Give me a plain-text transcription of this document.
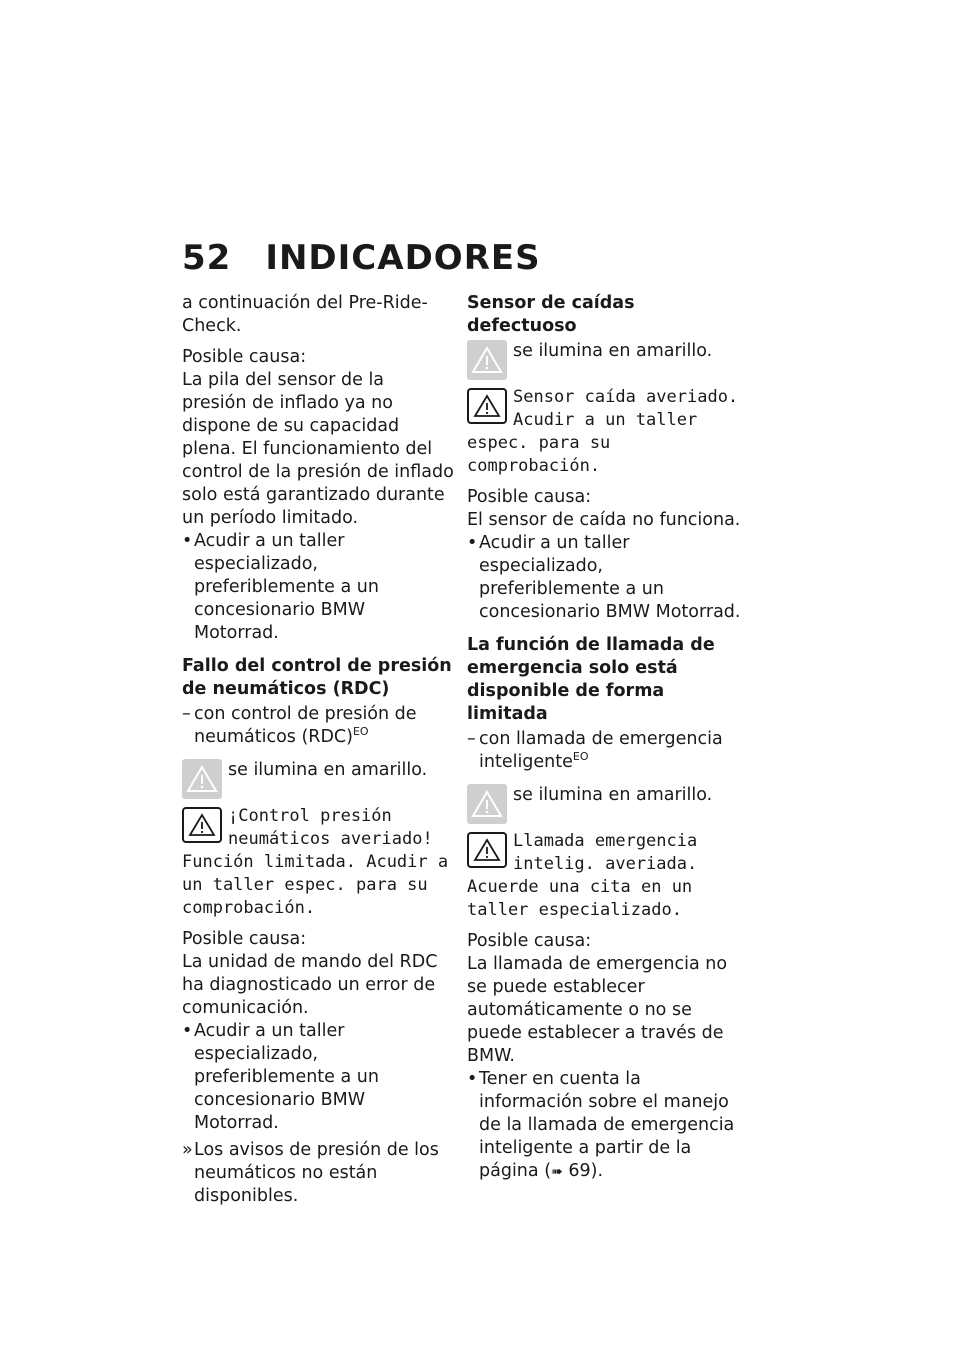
52 INDICADORES

a continuación del Pre-Ride-Check.

Posible causa:

La pila del sensor de la presión de inflado ya no dispone de su capacidad plena. El funcionamiento del control de la presión de inflado solo está garantizado durante un período limitado.

• Acudir a un taller especializado, preferiblemente a un concesionario BMW Motorrad.
Fallo del control de presión de neumáticos (RDC)
– con control de presión de neumáticos (RDC)$^{EO}$
se ilumina en amarillo.
¡Control presión neumáticos averiado! Función limitada. Acudir a un taller espec. para su comprobación.

Posible causa:

La unidad de mando del RDC ha diagnosticado un error de comunicación.

• Acudir a un taller especializado, preferiblemente a un concesionario BMW Motorrad.
» Los avisos de presión de los neumáticos no están disponibles.
Sensor de caídas defectuoso
se ilumina en amarillo.
Sensor caída averiado. Acudir a un taller espec. para su comprobación.

Posible causa:

El sensor de caída no funciona.

• Acudir a un taller especializado, preferiblemente a un concesionario BMW Motorrad.
La función de llamada de emergencia solo está disponible de forma limitada
– con llamada de emergencia inteligente$^{EO}$
se ilumina en amarillo.
Llamada emergencia intelig. averiada. Acuerde una cita en un taller especializado.

Posible causa:

La llamada de emergencia no se puede establecer automáticamente o no se puede establecer a través de BMW.

• Tener en cuenta la información sobre el manejo de la llamada de emergencia inteligente a partir de la página (➠ 69).
